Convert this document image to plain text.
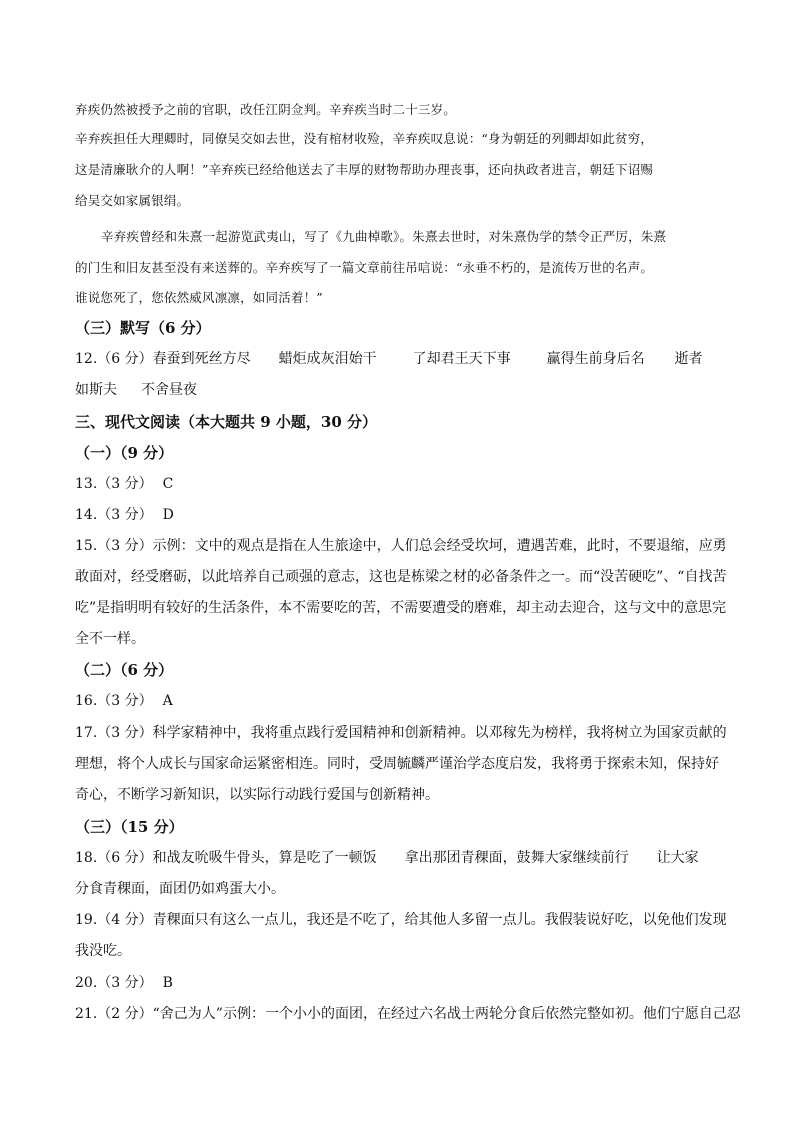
弃疾仍然被授予之前的官职，改任江阴佥判。辛弃疾当时二十三岁。
辛弃疾担任大理卿时，同僚吴交如去世，没有棺材收殓，辛弃疾叹息说：“身为朝廷的列卿却如此贫穷，
这是清廉耿介的人啊！”辛弃疾已经给他送去了丰厚的财物帮助办理丧事，还向执政者进言，朝廷下诏赐
给吴交如家属银绢。
辛弃疾曾经和朱熹一起游览武夷山，写了《九曲棹歌》。朱熹去世时，对朱熹伪学的禁令正严厉，朱熹
的门生和旧友甚至没有来送葬的。辛弃疾写了一篇文章前往吊唁说：“永垂不朽的，是流传万世的名声。
谁说您死了，您依然威风凛凛，如同活着！”
（三）默写（6 分）
12.（6 分）春蚕到死丝方尽 蜡炬成灰泪始干	了却君王天下事	赢得生前身后名 逝者
如斯夫 不舍昼夜
三、现代文阅读（本大题共 9 小题，30 分）
（一）（9 分）
13.（3 分） C
14.（3 分） D
15.（3 分）示例：文中的观点是指在人生旅途中，人们总会经受坎坷，遭遇苦难，此时，不要退缩，应勇
敢面对，经受磨砺，以此培养自己顽强的意志，这也是栋梁之材的必备条件之一。而“没苦硬吃”、“自找苦
吃”是指明明有较好的生活条件，本不需要吃的苦，不需要遭受的磨难，却主动去迎合，这与文中的意思完
全不一样。
（二）（6 分）
16.（3 分） A
17.（3 分）科学家精神中，我将重点践行爱国精神和创新精神。以邓稼先为榜样，我将树立为国家贡献的
理想，将个人成长与国家命运紧密相连。同时，受周毓麟严谨治学态度启发，我将勇于探索未知，保持好
奇心，不断学习新知识，以实际行动践行爱国与创新精神。
（三）（15 分）
18.（6 分）和战友吮吸牛骨头，算是吃了一顿饭 拿出那团青稞面，鼓舞大家继续前行 让大家
分食青稞面，面团仍如鸡蛋大小。
19.（4 分）青稞面只有这么一点儿，我还是不吃了，给其他人多留一点儿。我假装说好吃，以免他们发现
我没吃。
20.（3 分） B
21.（2 分）“舍己为人”示例：一个小小的面团，在经过六名战士两轮分食后依然完整如初。他们宁愿自己忍
